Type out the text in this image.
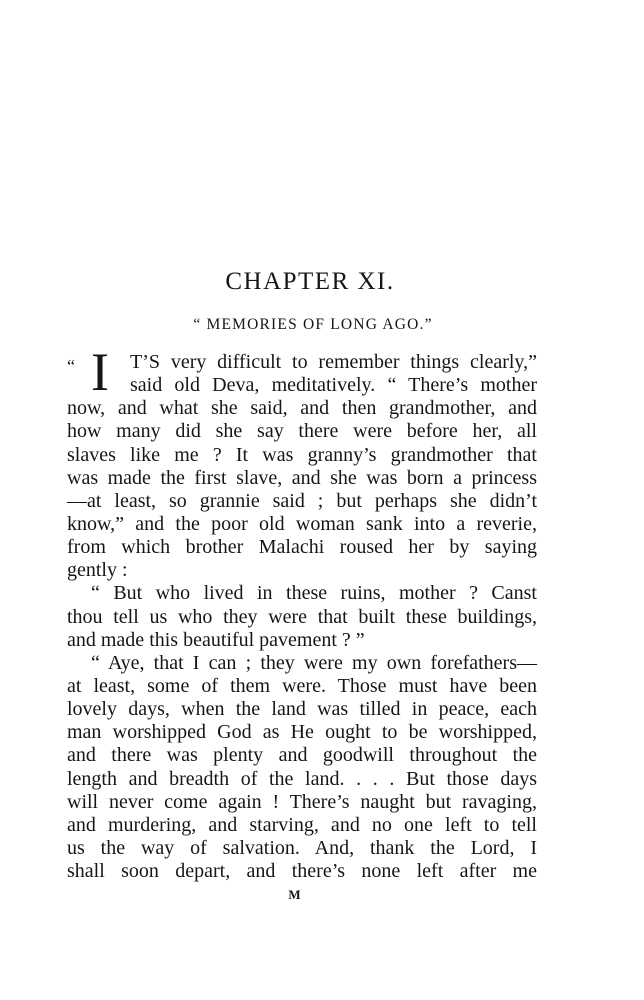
CHAPTER XI.
“ MEMORIES OF LONG AGO.”
“ I	T’S very difficult to remember things clearly,”
said old Deva, meditatively. “ There’s mother
now, and what she said, and then grandmother, and
how many did she say there were before her, all
slaves like me ? It was granny’s grandmother that
was made the first slave, and she was born a princess
—at least, so grannie said ; but perhaps she didn’t
know,” and the poor old woman sank into a reverie,
from which brother Malachi roused her by saying
gently :
“ But who lived in these ruins, mother ? Canst
thou tell us who they were that built these buildings,
and made this beautiful pavement ? ”
“ Aye, that I can ; they were my own forefathers—
at least, some of them were. Those must have been
lovely days, when the land was tilled in peace, each
man worshipped God as He ought to be worshipped,
and there was plenty and goodwill throughout the
length and breadth of the land. . . . But those days
will never come again ! There’s naught but ravaging,
and murdering, and starving, and no one left to tell
us the way of salvation. And, thank the Lord, I
shall soon depart, and there’s none left after me
M
